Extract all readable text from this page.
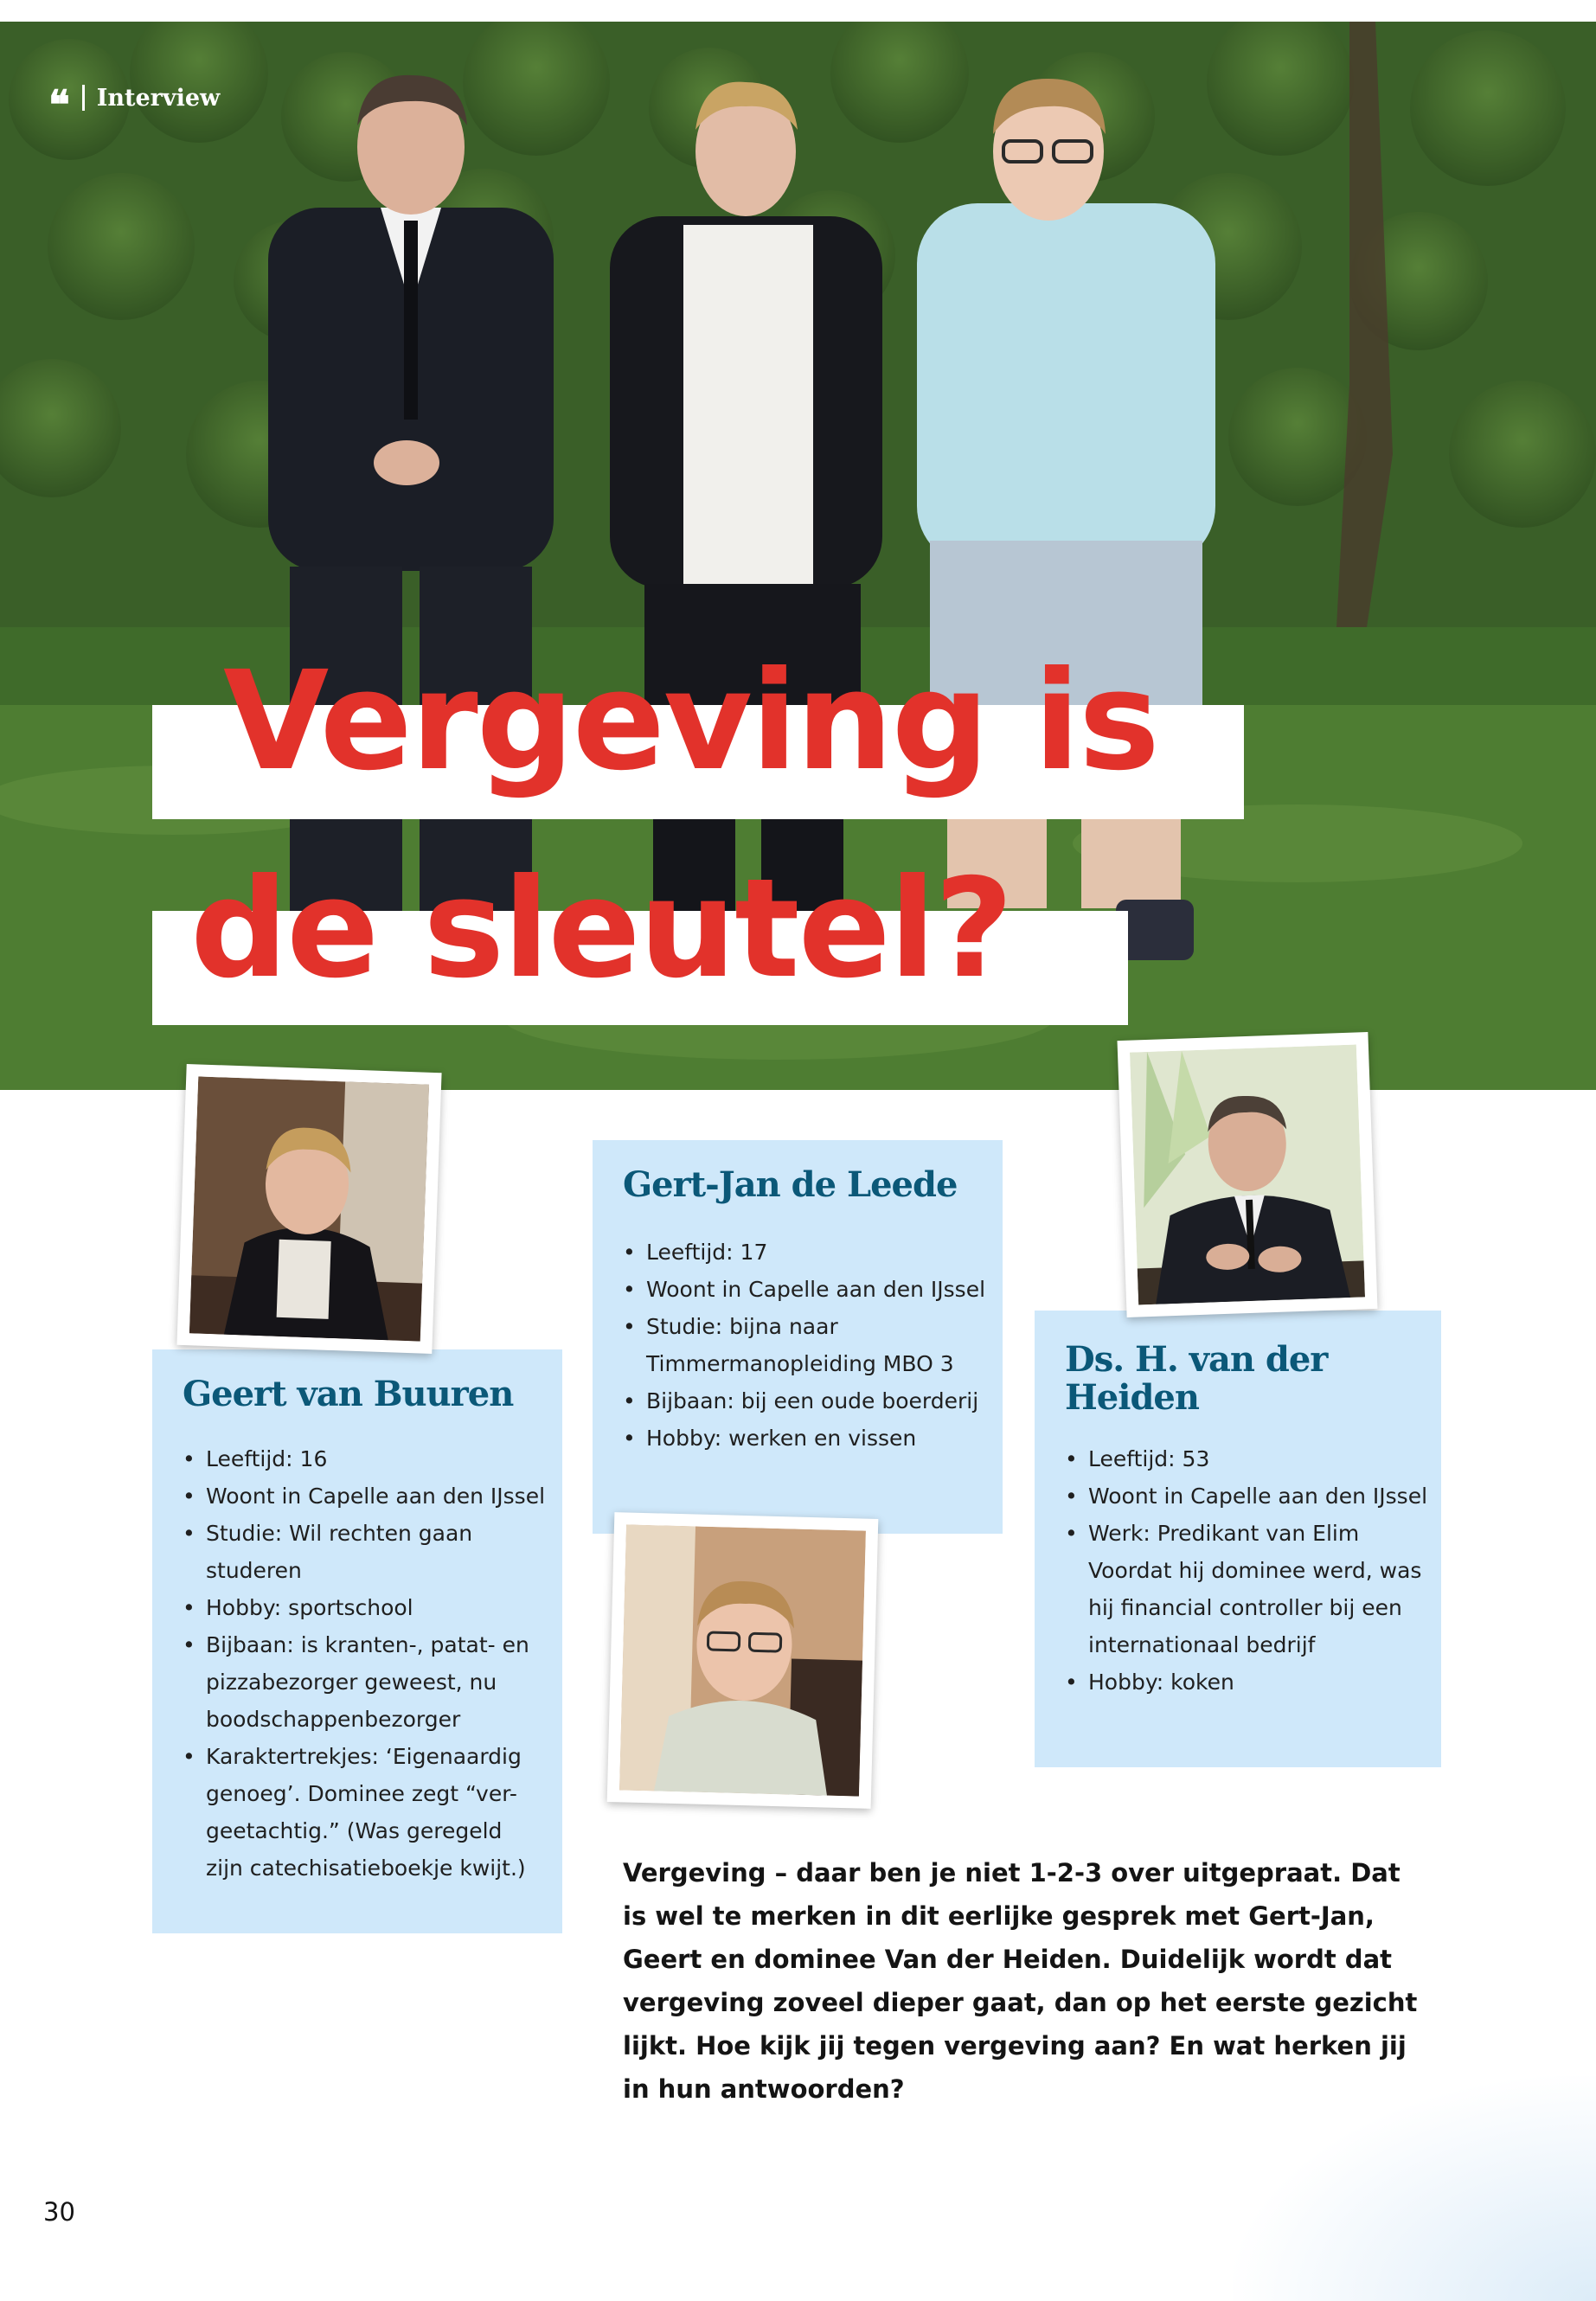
❝ Interview
Vergeving is
de sleutel?
Geert van Buuren
• Leeftijd: 16
• Woont in Capelle aan den IJssel
• Studie: Wil rechten gaan studeren
• Hobby: sportschool
• Bijbaan: is kranten-, patat- en pizzabezorger geweest, nu boodschappenbezorger
• Karaktertrekjes: ‘Eigenaardig genoeg’. Dominee zegt “ver-geetachtig.” (Was geregeld zijn catechisatieboekje kwijt.)
Gert-Jan de Leede
• Leeftijd: 17
• Woont in Capelle aan den IJssel
• Studie: bijna naar Timmermanopleiding MBO 3
• Bijbaan: bij een oude boerderij
• Hobby: werken en vissen
Ds. H. van der Heiden
• Leeftijd: 53
• Woont in Capelle aan den IJssel
• Werk: Predikant van Elim Voordat hij dominee werd, was hij financial controller bij een internationaal bedrijf
• Hobby: koken
Vergeving – daar ben je niet 1-2-3 over uitgepraat. Dat is wel te merken in dit eerlijke gesprek met Gert-Jan, Geert en dominee Van der Heiden. Duidelijk wordt dat vergeving zoveel dieper gaat, dan op het eerste gezicht lijkt. Hoe kijk jij tegen vergeving aan? En wat herken jij in hun antwoorden?
30
